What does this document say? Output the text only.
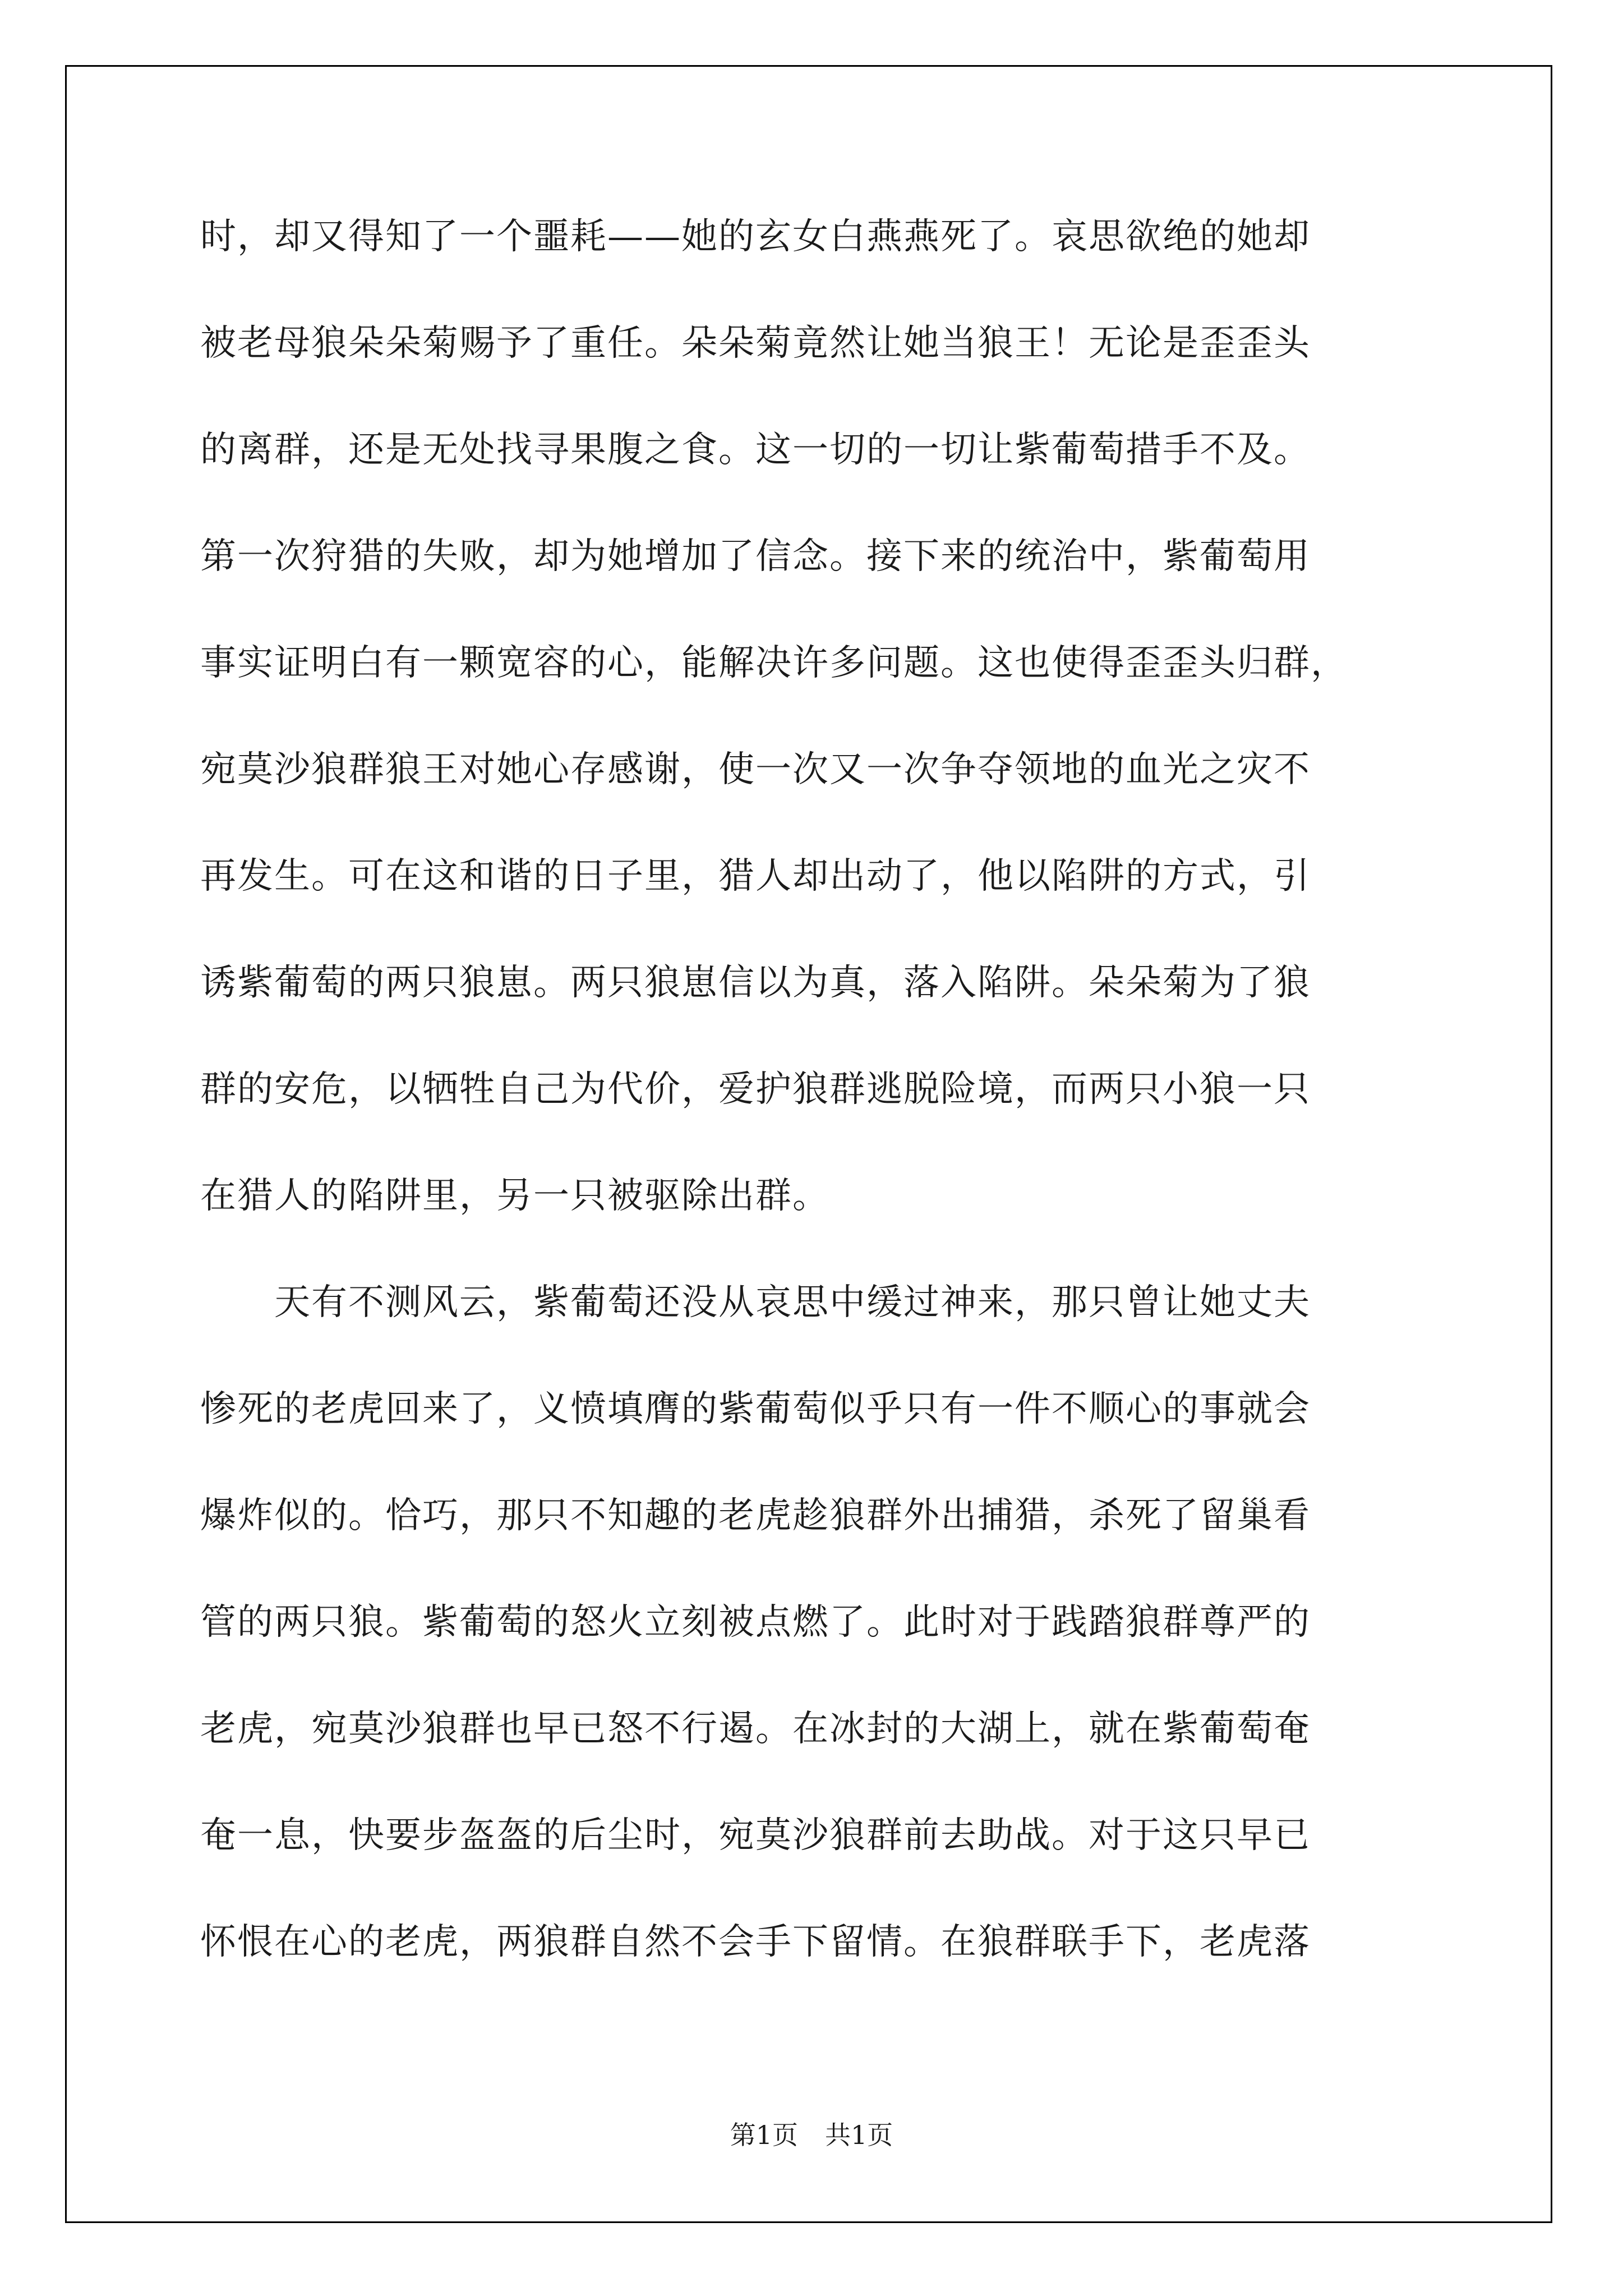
时，却又得知了一个噩耗——她的玄女白燕燕死了。哀思欲绝的她却
被老母狼朵朵菊赐予了重任。朵朵菊竟然让她当狼王！无论是歪歪头
的离群，还是无处找寻果腹之食。这一切的一切让紫葡萄措手不及。
第一次狩猎的失败，却为她增加了信念。接下来的统治中，紫葡萄用
事实证明白有一颗宽容的心，能解决许多问题。这也使得歪歪头归群，
宛莫沙狼群狼王对她心存感谢，使一次又一次争夺领地的血光之灾不
再发生。可在这和谐的日子里，猎人却出动了，他以陷阱的方式，引
诱紫葡萄的两只狼崽。两只狼崽信以为真，落入陷阱。朵朵菊为了狼
群的安危，以牺牲自己为代价，爱护狼群逃脱险境，而两只小狼一只
在猎人的陷阱里，另一只被驱除出群。
天有不测风云，紫葡萄还没从哀思中缓过神来，那只曾让她丈夫
惨死的老虎回来了，义愤填膺的紫葡萄似乎只有一件不顺心的事就会
爆炸似的。恰巧，那只不知趣的老虎趁狼群外出捕猎，杀死了留巢看
管的两只狼。紫葡萄的怒火立刻被点燃了。此时对于践踏狼群尊严的
老虎，宛莫沙狼群也早已怒不行遏。在冰封的大湖上，就在紫葡萄奄
奄一息，快要步盔盔的后尘时，宛莫沙狼群前去助战。对于这只早已
怀恨在心的老虎，两狼群自然不会手下留情。在狼群联手下，老虎落
第1页 共1页
